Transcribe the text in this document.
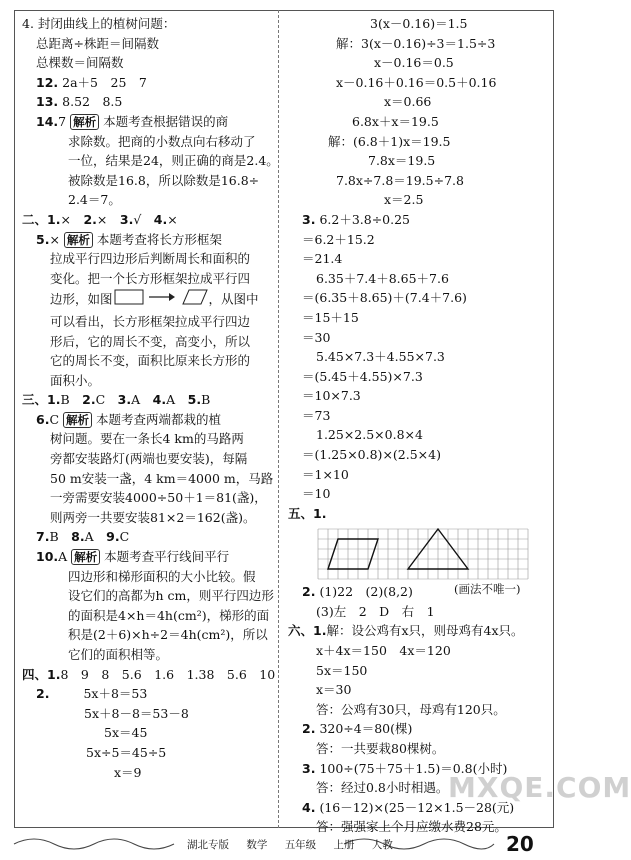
4. 封闭曲线上的植树问题：
总距离÷株距＝间隔数
总棵数＝间隔数
12. 2a＋5　25　7
13. 8.52　8.5
14.7 解析 本题考查根据错误的商
求除数。把商的小数点向右移动了
一位，结果是24，则正确的商是2.4。
被除数是16.8，所以除数是16.8÷
2.4＝7。
二、1.×　2.×　3.√　4.×
5.× 解析 本题考查将长方形框架
拉成平行四边形后判断周长和面积的
变化。把一个长方形框架拉成平行四
边形，如图	，从图中
可以看出，长方形框架拉成平行四边
形后，它的周长不变，高变小，所以
它的周长不变，面积比原来长方形的
面积小。
三、1.B　2.C　3.A　4.A　5.B
6.C 解析 本题考查两端都栽的植
树问题。要在一条长4 km的马路两
旁都安装路灯(两端也要安装)，每隔
50 m安装一盏，4 km＝4000 m，马路
一旁需要安装4000÷50＋1＝81(盏)，
则两旁一共要安装81×2＝162(盏)。
7.B　8.A　9.C
10.A 解析 本题考查平行线间平行
四边形和梯形面积的大小比较。假
设它们的高都为h cm，则平行四边形
的面积是4×h＝4h(cm²)，梯形的面
积是(2＋6)×h÷2＝4h(cm²)，所以
它们的面积相等。
四、1.8　9　8　5.6　1.6　1.38　5.6　10
2.	5x＋8＝53
5x＋8－8＝53－8
5x＝45
5x÷5＝45÷5
x＝9
3(x－0.16)＝1.5
解：3(x－0.16)÷3＝1.5÷3
x－0.16＝0.5
x－0.16＋0.16＝0.5＋0.16
x＝0.66
6.8x＋x＝19.5
解：(6.8＋1)x＝19.5
7.8x＝19.5
7.8x÷7.8＝19.5÷7.8
x＝2.5
3. 6.2＋3.8÷0.25
＝6.2＋15.2
＝21.4
6.35＋7.4＋8.65＋7.6
＝(6.35＋8.65)＋(7.4＋7.6)
＝15＋15
＝30
5.45×7.3＋4.55×7.3
＝(5.45＋4.55)×7.3
＝10×7.3
＝73
1.25×2.5×0.8×4
＝(1.25×0.8)×(2.5×4)
＝1×10
＝10
五、1.
2. (1)22　(2)(8,2)
(3)左　2　D　右　1
六、1.解：设公鸡有x只，则母鸡有4x只。
x＋4x＝150　4x＝120
5x＝150
x＝30
答：公鸡有30只，母鸡有120只。
2. 320÷4＝80(棵)
答：一共要栽80棵树。
3. 100÷(75＋75＋1.5)＝0.8(小时)
答：经过0.8小时相遇。
4. (16－12)×(25－12×1.5－28(元)
答：强强家上个月应缴水费28元。
(画法不唯一)
MXQE.COM
湖北专版 数学 五年级 上册 人教	20
